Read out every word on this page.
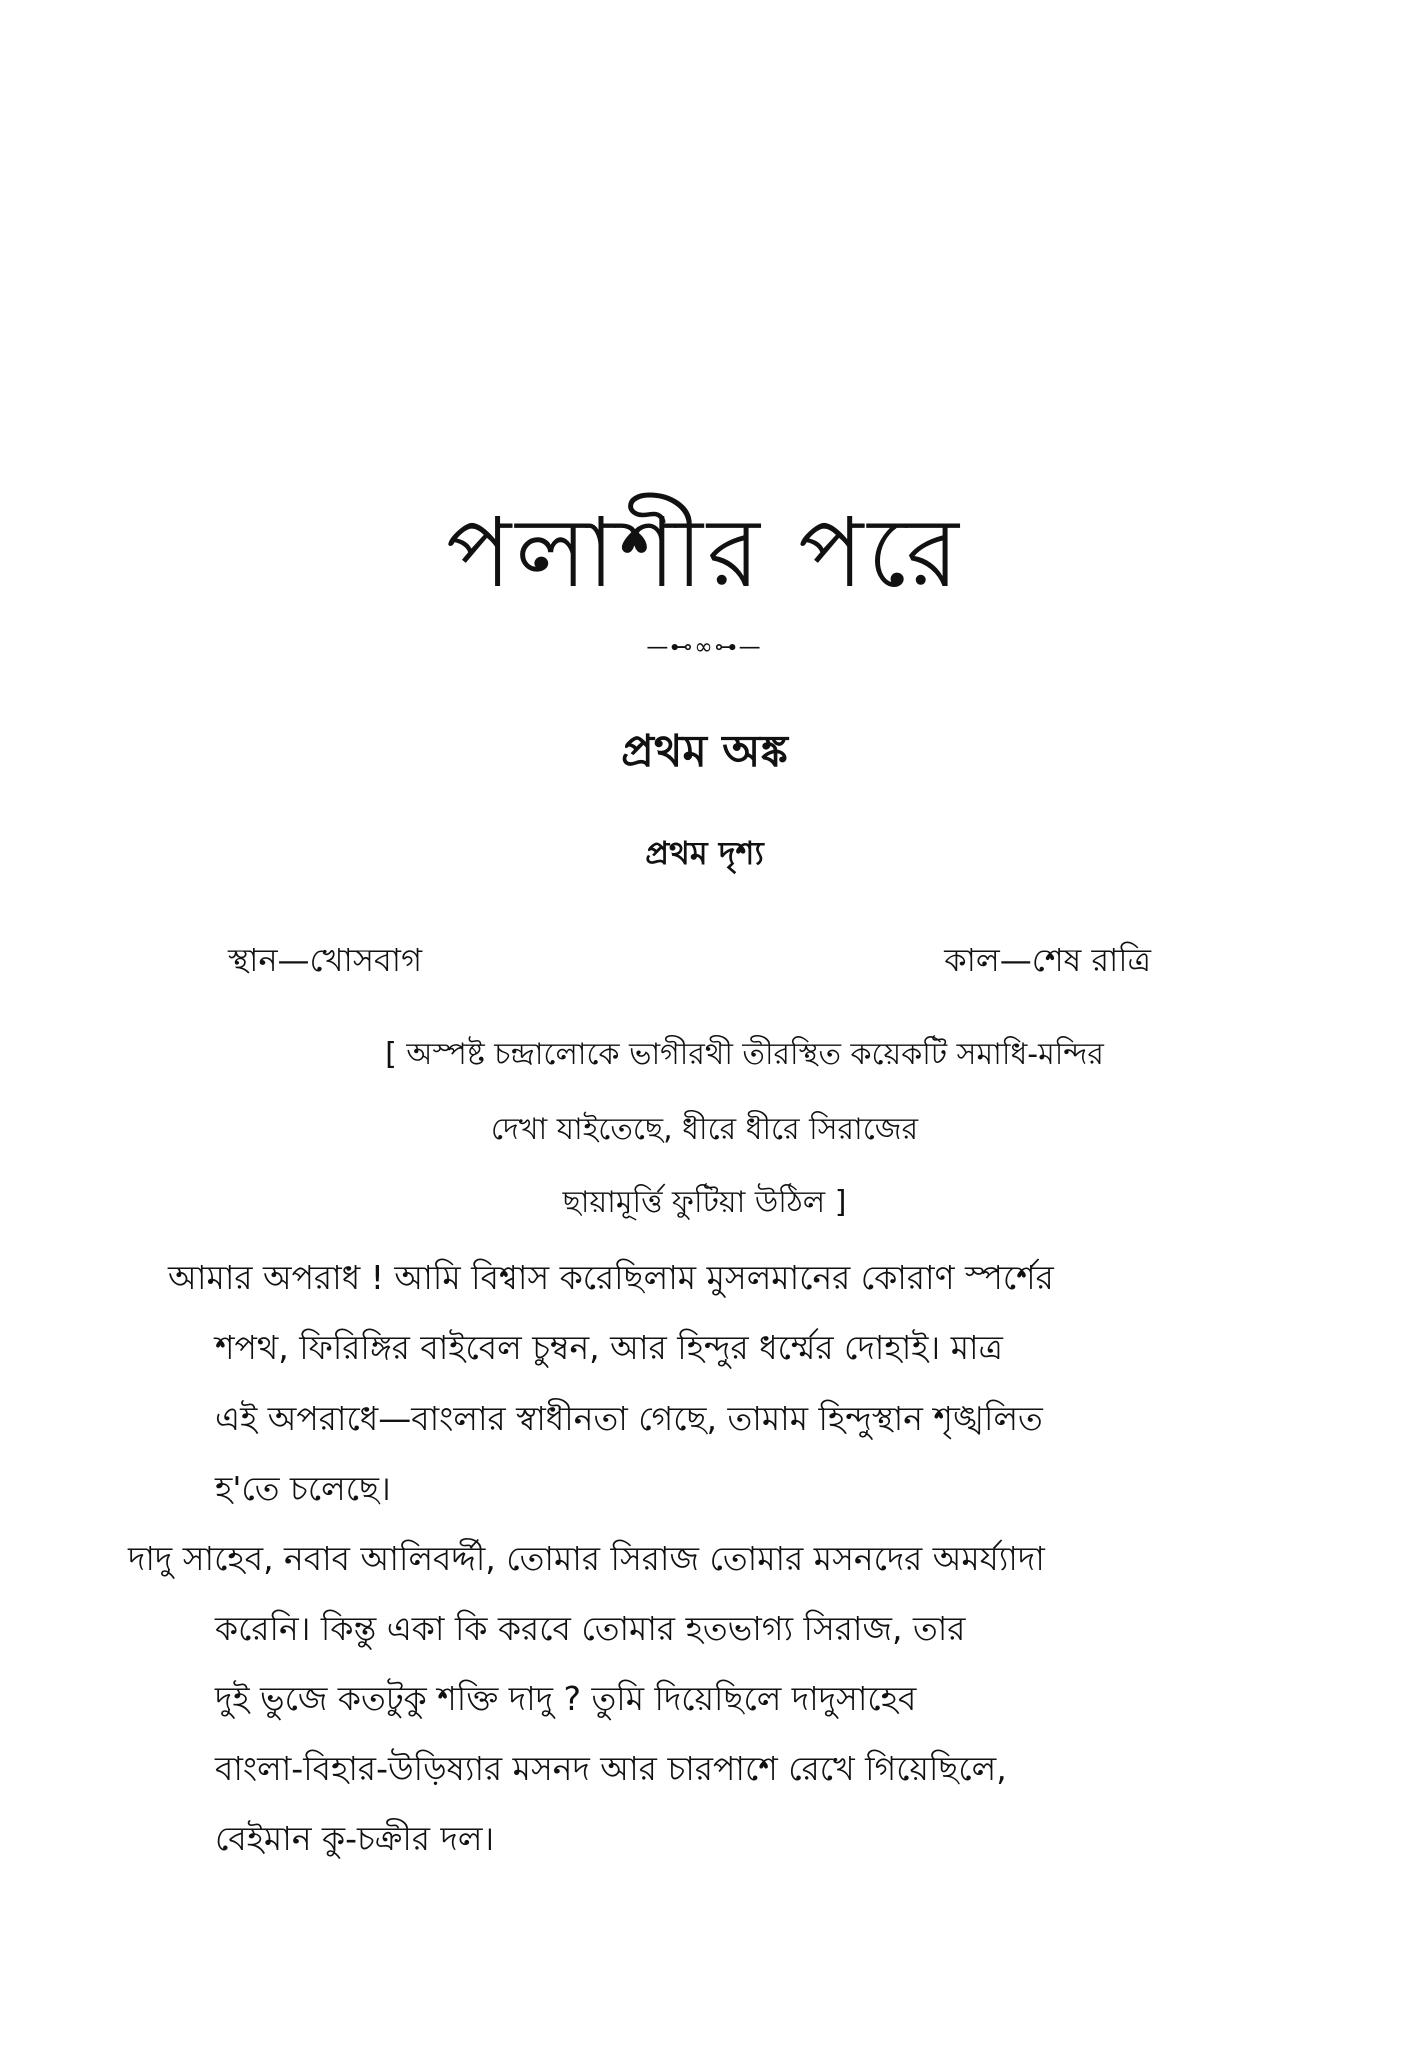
পলাশীর পরে
—⊷∞⊶—
প্রথম অঙ্ক
প্রথম দৃশ্য
স্থান—খোসবাগ	কাল—শেষ রাত্রি
[ অস্পষ্ট চন্দ্রালোকে ভাগীরথী তীরস্থিত কয়েকটি সমাধি-মন্দির
দেখা যাইতেছে, ধীরে ধীরে সিরাজের
ছায়ামূর্ত্তি ফুটিয়া উঠিল ]
আমার অপরাধ ! আমি বিশ্বাস করেছিলাম মুসলমানের কোরাণ স্পর্শের
শপথ, ফিরিঙ্গির বাইবেল চুম্বন, আর হিন্দুর ধর্ম্মের দোহাই। মাত্র
এই অপরাধে—বাংলার স্বাধীনতা গেছে, তামাম হিন্দুস্থান শৃঙ্খলিত
হ'তে চলেছে।
দাদু সাহেব, নবাব আলিবর্দ্দী, তোমার সিরাজ তোমার মসনদের অমর্য্যাদা
করেনি। কিন্তু একা কি করবে তোমার হতভাগ্য সিরাজ, তার
দুই ভুজে কতটুকু শক্তি দাদু ? তুমি দিয়েছিলে দাদুসাহেব
বাংলা-বিহার-উড়িষ্যার মসনদ আর চারপাশে রেখে গিয়েছিলে,
বেইমান কু-চক্রীর দল।
